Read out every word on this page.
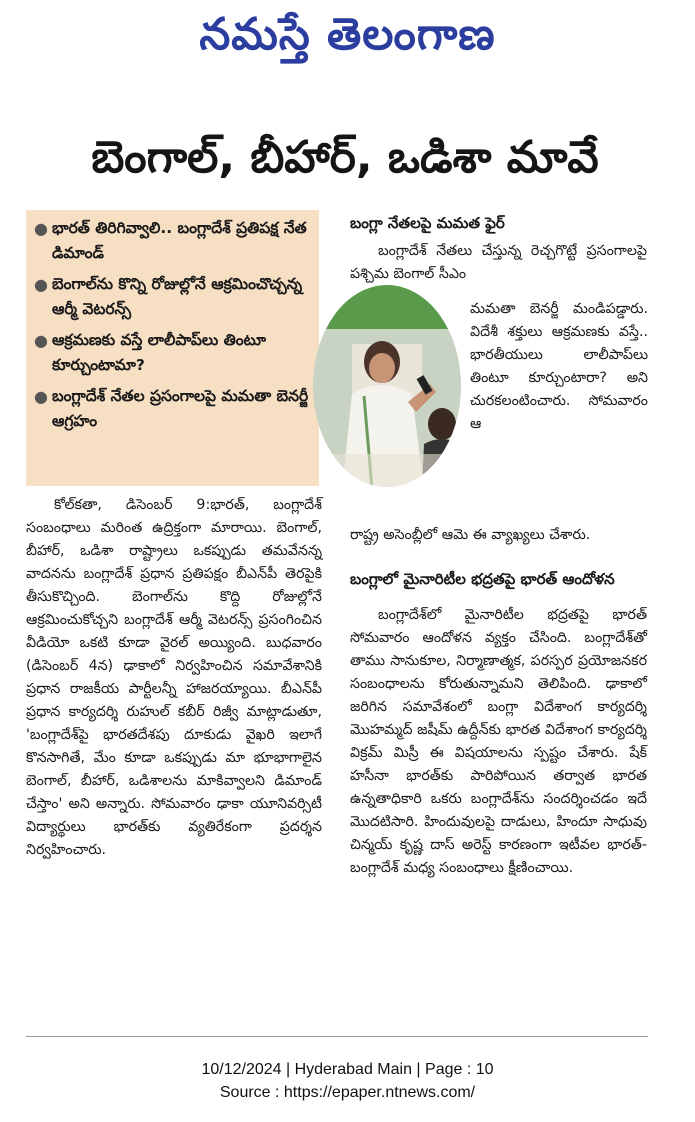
నమస్తే తెలంగాణ
బెంగాల్, బీహార్, ఒడిశా మావే
● భారత్ తిరిగివ్వాలి.. బంగ్లాదేశ్ ప్రతిపక్ష నేత డిమాండ్
● బెంగాల్‌ను కొన్ని రోజుల్లోనే ఆక్రమించొచ్చన్న ఆర్మీ వెటరన్స్
● ఆక్రమణకు వస్తే లాలీపాప్‌లు తింటూ కూర్చుంటామా?
● బంగ్లాదేశ్ నేతల ప్రసంగాలపై మమతా బెనర్జీ ఆగ్రహం
బంగ్లా నేతలపై మమత ఫైర్
బంగ్లాదేశ్ నేతలు చేస్తున్న రెచ్చగొట్టే ప్రసంగాలపై పశ్చిమ బెంగాల్ సీఎం
మమతా బెనర్జీ మండిపడ్డారు. విదేశీ శక్తులు ఆక్రమణకు వస్తే.. భారతీయులు లాలీపాప్‌లు తింటూ కూర్చుంటారా? అని చురకలంటించారు. సోమవారం ఆ
రాష్ట్ర అసెంబ్లీలో ఆమె ఈ వ్యాఖ్యలు చేశారు.
బంగ్లాలో మైనారిటీల భద్రతపై భారత్ ఆందోళన
బంగ్లాదేశ్‌లో మైనారిటీల భద్రతపై భారత్ సోమవారం ఆందోళన వ్యక్తం చేసింది. బంగ్లాదేశ్‌తో తాము సానుకూల, నిర్మాణాత్మక, పరస్పర ప్రయోజనకర సంబంధాలను కోరుతున్నామని తెలిపింది. ఢాకాలో జరిగిన సమావేశంలో బంగ్లా విదేశాంగ కార్యదర్శి మొహమ్మద్ జషీమ్ ఉద్దీన్‌కు భారత విదేశాంగ కార్యదర్శి విక్రమ్ మిస్రీ ఈ విషయాలను స్పష్టం చేశారు. షేక్ హసీనా భారత్‌కు పారిపోయిన తర్వాత భారత ఉన్నతాధికారి ఒకరు బంగ్లాదేశ్‌ను సందర్శించడం ఇదే మొదటిసారి. హిందువులపై దాడులు, హిందూ సాధువు చిన్మయ్ కృష్ణ దాస్ అరెస్ట్ కారణంగా ఇటీవల భారత్-బంగ్లాదేశ్ మధ్య సంబంధాలు క్షీణించాయి.
కోల్‌కతా, డిసెంబర్ 9:భారత్, బంగ్లాదేశ్ సంబంధాలు మరింత ఉద్రిక్తంగా మారాయి. బెంగాల్, బీహార్, ఒడిశా రాష్ట్రాలు ఒకప్పుడు తమవేనన్న వాదనను బంగ్లాదేశ్ ప్రధాన ప్రతిపక్షం బీఎన్‌పీ తెరపైకి తీసుకొచ్చింది. బెంగాల్‌ను కొద్ది రోజుల్లోనే ఆక్రమించుకోచ్చని బంగ్లాదేశ్ ఆర్మీ వెటరన్స్ ప్రసంగించిన వీడియో ఒకటి కూడా వైరల్ అయ్యింది. బుధవారం (డిసెంబర్ 4న) ఢాకాలో నిర్వహించిన సమావేశానికి ప్రధాన రాజకీయ పార్టీలన్నీ హాజరయ్యాయి. బీఎన్‌పీ ప్రధాన కార్యదర్శి రుహుల్ కబీర్ రిజ్వీ మాట్లాడుతూ, 'బంగ్లాదేశ్‌పై భారతదేశపు దూకుడు వైఖరి ఇలాగే కొనసాగితే, మేం కూడా ఒకప్పుడు మా భూభాగాలైన బెంగాల్, బీహార్, ఒడిశాలను మాకివ్వాలని డిమాండ్ చేస్తాం' అని అన్నారు. సోమవారం ఢాకా యూనివర్సిటీ విద్యార్థులు భారత్‌కు వ్యతిరేకంగా ప్రదర్శన నిర్వహించారు.
10/12/2024 | Hyderabad Main | Page : 10
Source : https://epaper.ntnews.com/
